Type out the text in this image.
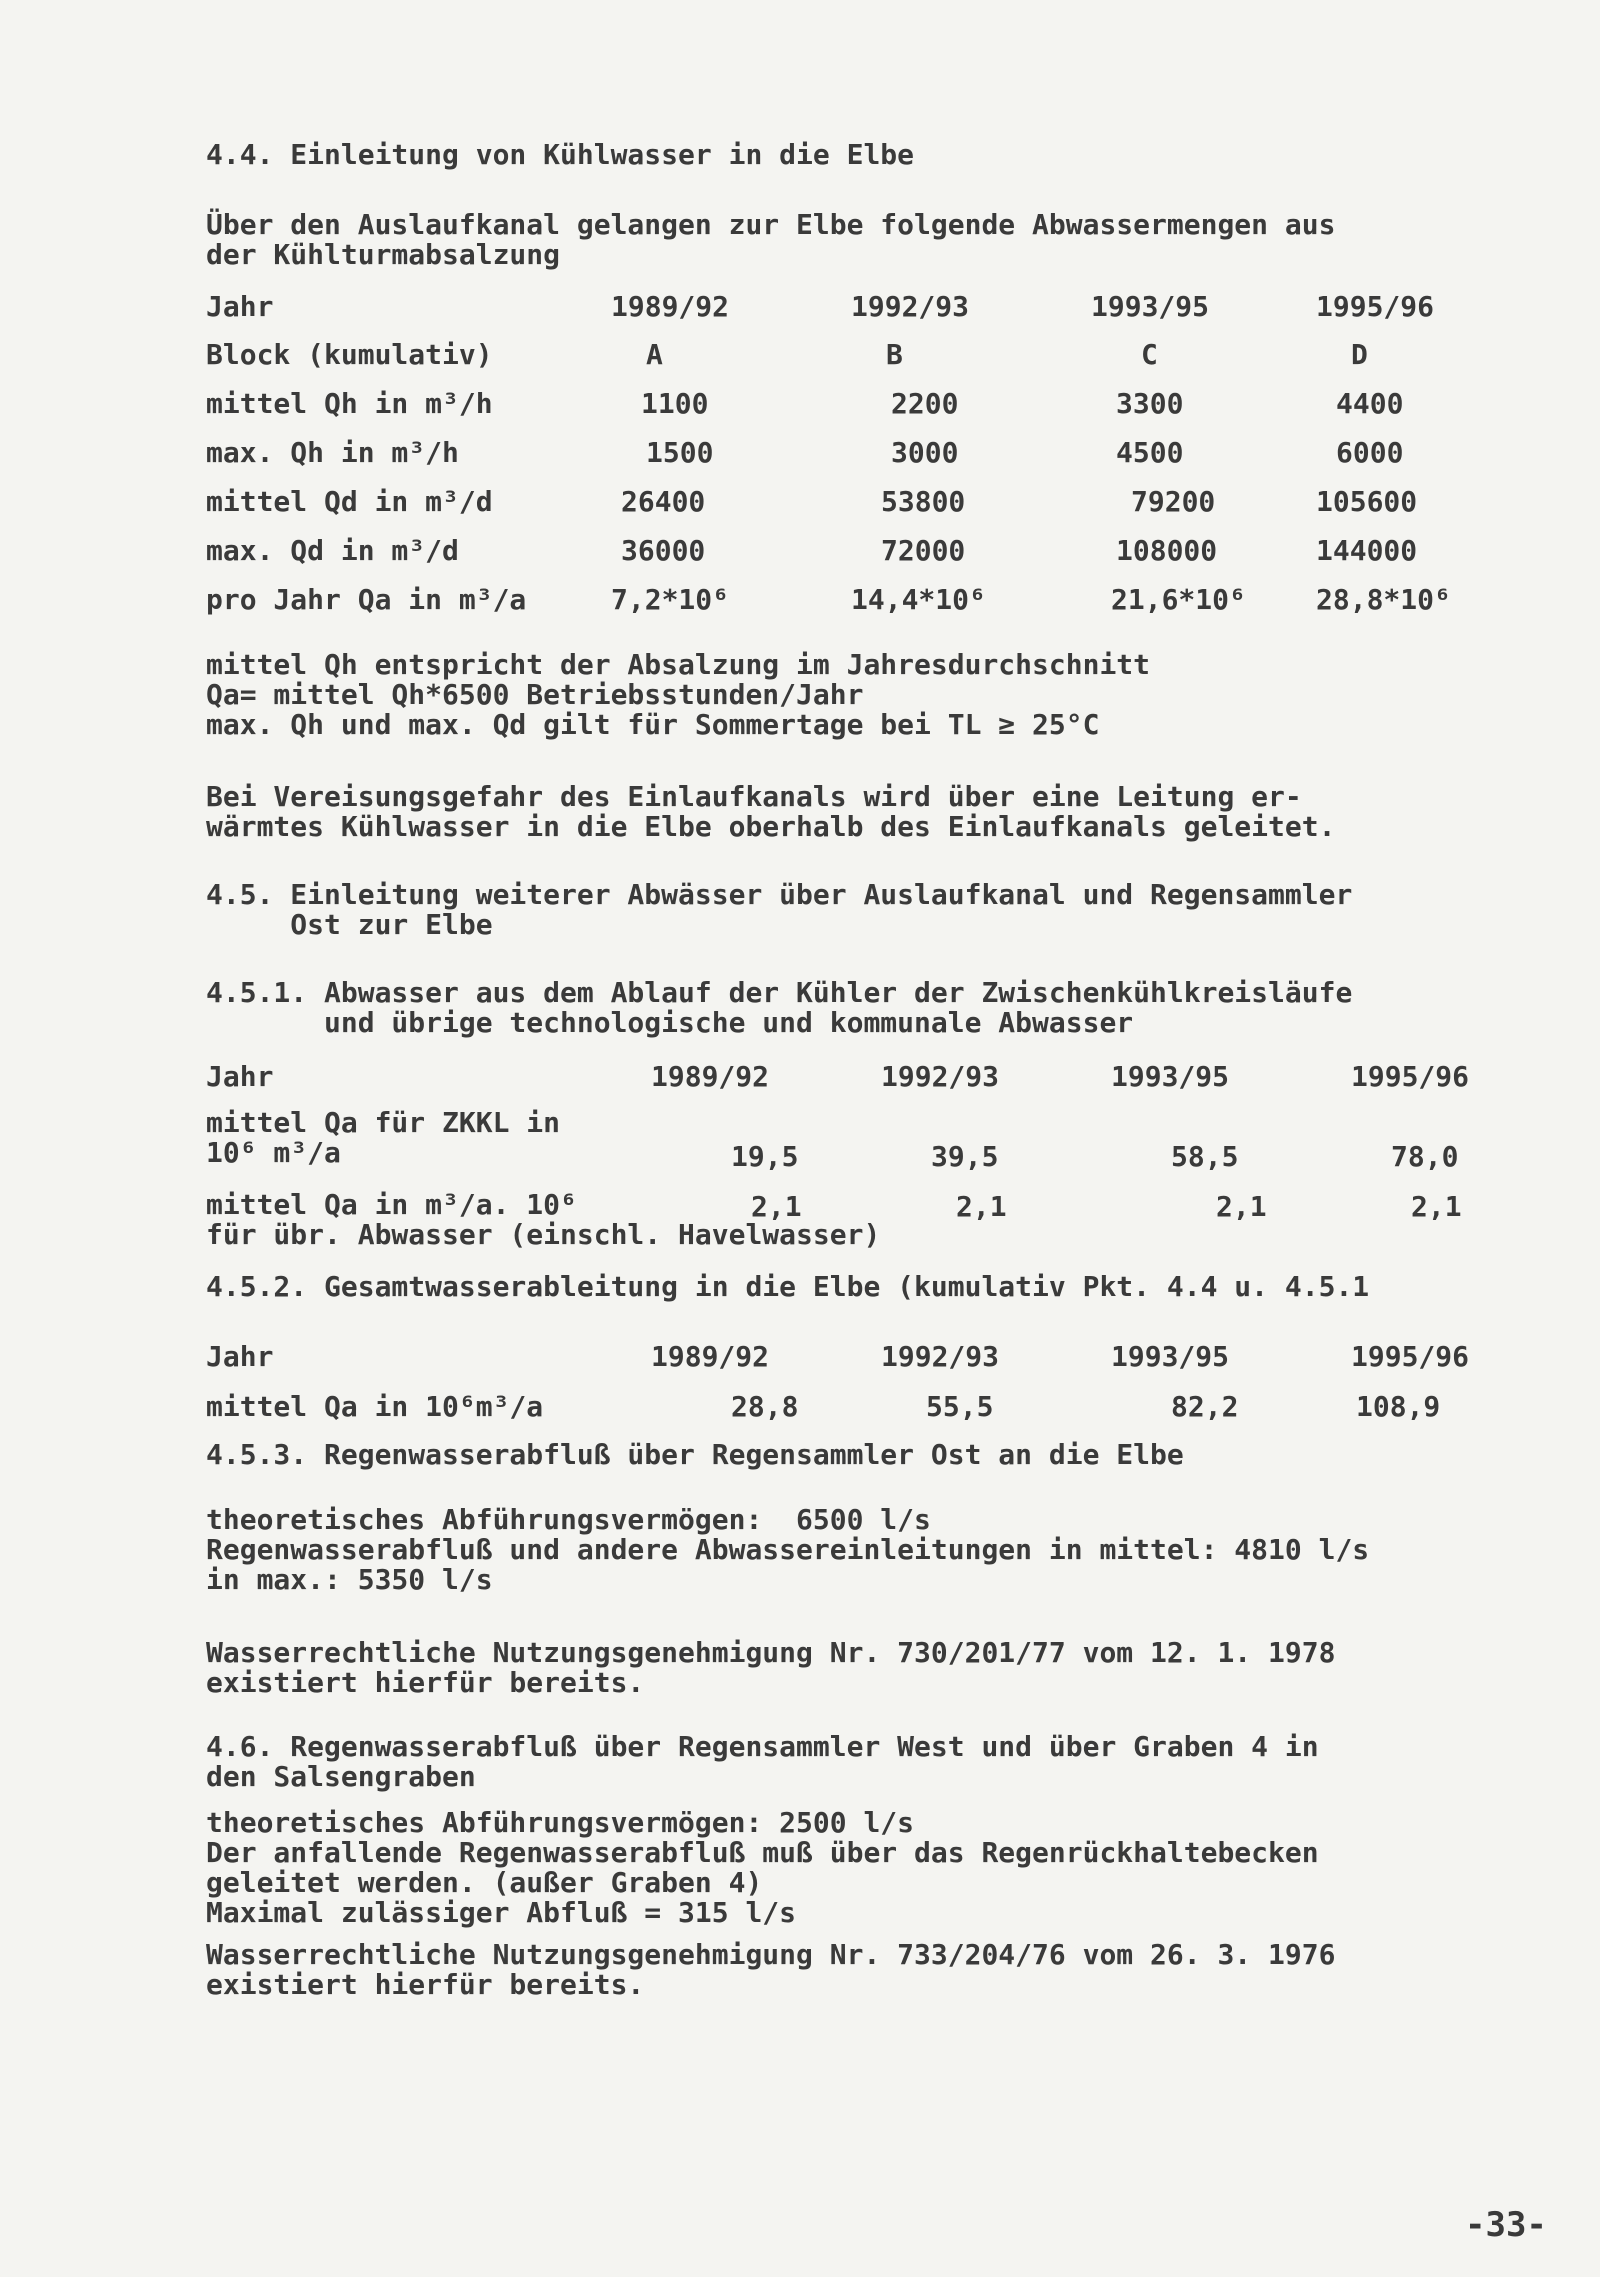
4.4. Einleitung von Kühlwasser in die Elbe
Über den Auslaufkanal gelangen zur Elbe folgende Abwassermengen aus
der Kühlturmabsalzung
Jahr	1989/92	1992/93	1993/95	1995/96
Block (kumulativ)	A	B	C	D
mittel Qh in m³/h	1100	2200	3300	4400
max. Qh in m³/h	1500	3000	4500	6000
mittel Qd in m³/d	26400	53800	79200	105600
max. Qd in m³/d	36000	72000	108000	144000
pro Jahr Qa in m³/a	7,2*10⁶	14,4*10⁶	21,6*10⁶	28,8*10⁶
mittel Qh entspricht der Absalzung im Jahresdurchschnitt
Qa= mittel Qh*6500 Betriebsstunden/Jahr
max. Qh und max. Qd gilt für Sommertage bei TL ≥ 25°C
Bei Vereisungsgefahr des Einlaufkanals wird über eine Leitung er-
wärmtes Kühlwasser in die Elbe oberhalb des Einlaufkanals geleitet.
4.5. Einleitung weiterer Abwässer über Auslaufkanal und Regensammler
Ost zur Elbe
4.5.1. Abwasser aus dem Ablauf der Kühler der Zwischenkühlkreisläufe
und übrige technologische und kommunale Abwasser
Jahr	1989/92	1992/93	1993/95	1995/96
mittel Qa für ZKKL in
10⁶ m³/a	19,5	39,5	58,5	78,0
mittel Qa in m³/a. 10⁶
für übr. Abwasser (einschl. Havelwasser)
2,1	2,1	2,1	2,1
4.5.2. Gesamtwasserableitung in die Elbe (kumulativ Pkt. 4.4 u. 4.5.1
Jahr	1989/92	1992/93	1993/95	1995/96
mittel Qa in 10⁶m³/a	28,8	55,5	82,2	108,9
4.5.3. Regenwasserabfluß über Regensammler Ost an die Elbe
theoretisches Abführungsvermögen:  6500 l/s
Regenwasserabfluß und andere Abwassereinleitungen in mittel: 4810 l/s
in max.: 5350 l/s
Wasserrechtliche Nutzungsgenehmigung Nr. 730/201/77 vom 12. 1. 1978
existiert hierfür bereits.
4.6. Regenwasserabfluß über Regensammler West und über Graben 4 in
den Salsengraben
theoretisches Abführungsvermögen: 2500 l/s
Der anfallende Regenwasserabfluß muß über das Regenrückhaltebecken
geleitet werden. (außer Graben 4)
Maximal zulässiger Abfluß = 315 l/s
Wasserrechtliche Nutzungsgenehmigung Nr. 733/204/76 vom 26. 3. 1976
existiert hierfür bereits.
-33-
